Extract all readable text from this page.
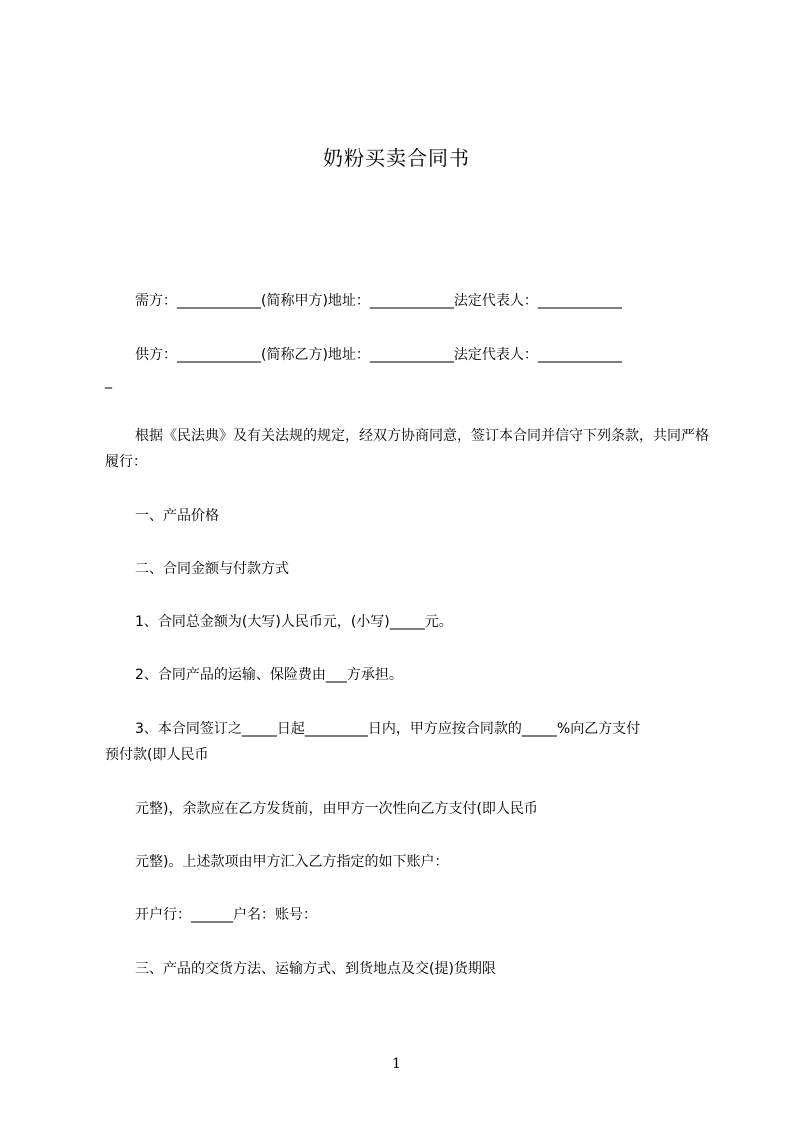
奶粉买卖合同书
需方：____________(简称甲方)地址：____________法定代表人：____________
供方：____________(简称乙方)地址：____________法定代表人：____________
_
根据《民法典》及有关法规的规定，经双方协商同意，签订本合同并信守下列条款，共同严格履行：
一、产品价格
二、合同金额与付款方式
1、合同总金额为(大写)人民币元，(小写)_____元。
2、合同产品的运输、保险费由___方承担。
3、本合同签订之_____日起_________日内，甲方应按合同款的_____%向乙方支付
预付款(即人民币
元整)，余款应在乙方发货前，由甲方一次性向乙方支付(即人民币
元整)。上述款项由甲方汇入乙方指定的如下账户：
开户行：______户名：账号：
三、产品的交货方法、运输方式、到货地点及交(提)货期限
1
